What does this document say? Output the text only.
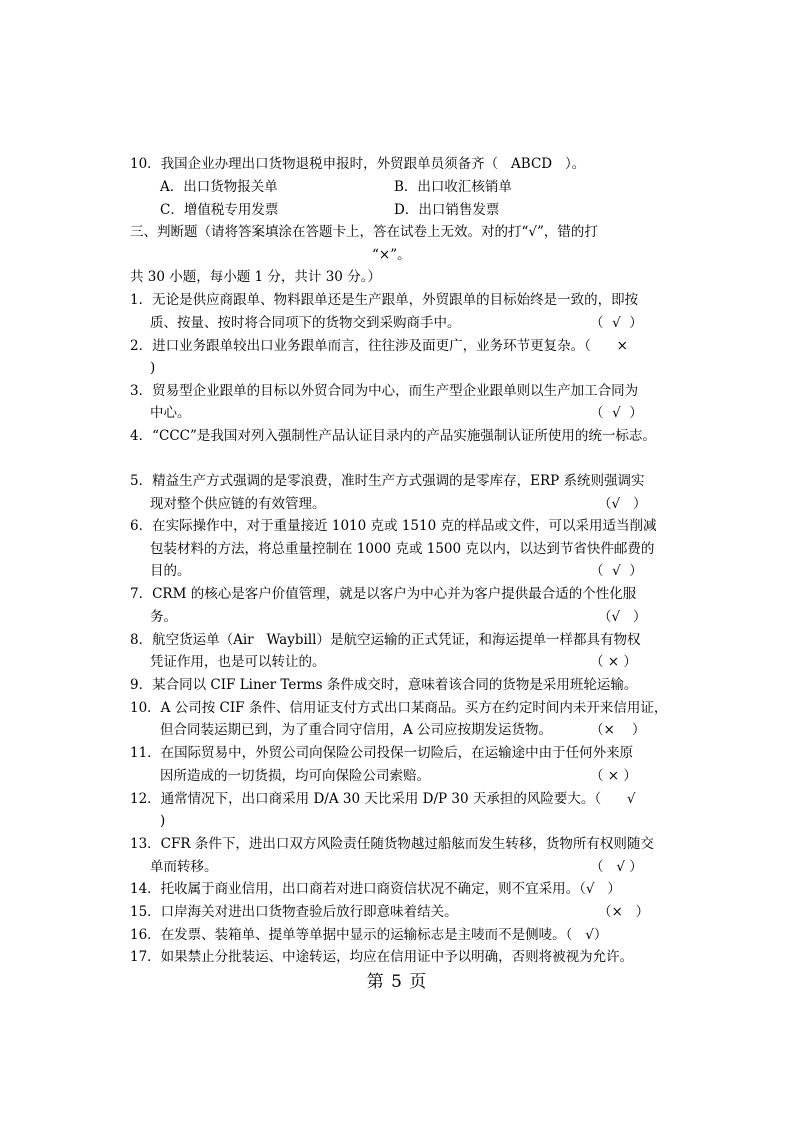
10．我国企业办理出口货物退税申报时，外贸跟单员须备齐（   ABCD   ）。
A．出口货物报关单	B．出口收汇核销单
C．增值税专用发票	D．出口销售发票
三、判断题（请将答案填涂在答题卡上，答在试卷上无效。对的打“√”，错的打
“×”。
共 30 小题，每小题 1 分，共计 30 分。）
1．无论是供应商跟单、物料跟单还是生产跟单，外贸跟单的目标始终是一致的，即按
质、按量、按时将合同项下的货物交到采购商手中。	（  √  ）
2．进口业务跟单较出口业务跟单而言，往往涉及面更广，业务环节更复杂。（      ×
)
3．贸易型企业跟单的目标以外贸合同为中心，而生产型企业跟单则以生产加工合同为
中心。	（  √  ）
4．“CCC”是我国对列入强制性产品认证目录内的产品实施强制认证所使用的统一标志。
5．精益生产方式强调的是零浪费，准时生产方式强调的是零库存，ERP 系统则强调实
现对整个供应链的有效管理。	（√   ）
6．在实际操作中，对于重量接近 1010 克或 1510 克的样品或文件，可以采用适当削减
包装材料的方法，将总重量控制在 1000 克或 1500 克以内，以达到节省快件邮费的
目的。	（  √  ）
7．CRM 的核心是客户价值管理，就是以客户为中心并为客户提供最合适的个性化服
务。	（√   ）
8．航空货运单（Air   Waybill）是航空运输的正式凭证，和海运提单一样都具有物权
凭证作用，也是可以转让的。	（ × ）
9．某合同以 CIF Liner Terms 条件成交时，意味着该合同的货物是采用班轮运输。
10．A 公司按 CIF 条件、信用证支付方式出口某商品。买方在约定时间内未开来信用证，
但合同装运期已到，为了重合同守信用，A 公司应按期发运货物。	（×    ）
11．在国际贸易中，外贸公司向保险公司投保一切险后，在运输途中由于任何外来原
因所造成的一切货损，均可向保险公司索赔。	（ × ）
12．通常情况下，出口商采用 D/A 30 天比采用 D/P 30 天承担的风险要大。（      √
)
13．CFR 条件下，进出口双方风险责任随货物越过船舷而发生转移，货物所有权则随交
单而转移。	（   √ ）
14．托收属于商业信用，出口商若对进口商资信状况不确定，则不宜采用。（√   ）
15．口岸海关对进出口货物查验后放行即意味着结关。	（×   ）
16．在发票、装箱单、提单等单据中显示的运输标志是主唛而不是侧唛。（   √）
17．如果禁止分批装运、中途转运，均应在信用证中予以明确，否则将被视为允许。
第 5 页
